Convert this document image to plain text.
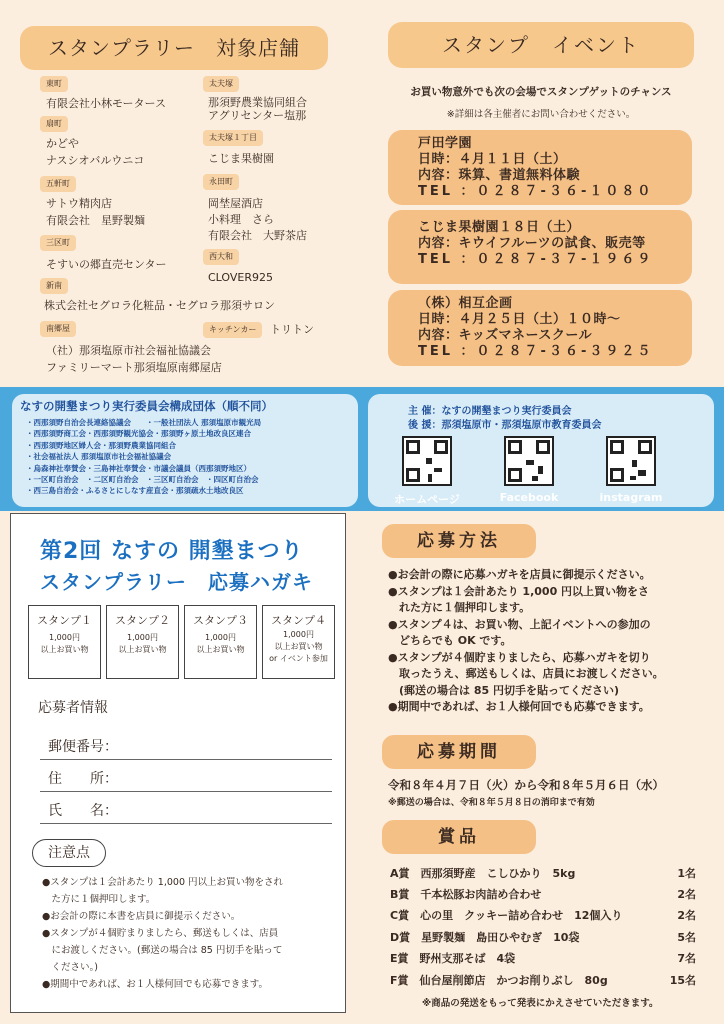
スタンプラリー　対象店舗
東町
有限会社小林モータース
扇町
かどや
ナスシオバルウニコ
五軒町
サトウ精肉店
有限会社　星野製麺
三区町
そすいの郷直売センター
新南
株式会社セグロラ化粧品・セグロラ那須サロン
南郷屋
（社）那須塩原市社会福祉協議会
ファミリーマート那須塩原南郷屋店
太夫塚
那須野農業協同組合
アグリセンター塩那
太夫塚１丁目
こじま果樹園
永田町
岡埜屋酒店
小料理　さら
有限会社　大野茶店
西大和
CLOVER925
キッチンカー	トリトン
スタンプ　イベント
お買い物意外でも次の会場でスタンプゲットのチャンス
※詳細は各主催者にお問い合わせください。
戸田学園
日時：４月１１日（土）
内容：珠算、書道無料体験
TEL ：０２８７-３６-１０８０
こじま果樹園１８日（土）
内容：キウイフルーツの試食、販売等
TEL ：０２８７-３７-１９６９
（株）相互企画
日時：４月２５日（土）１０時～
内容：キッズマネースクール
TEL ：０２８７-３６-３９２５
なすの開墾まつり実行委員会構成団体（順不同）
・西那須野自治会長連絡協議会　　・一般社団法人 那須塩原市観光局
・西那須野商工会・西那須野観光協会・那須野ヶ原土地改良区連合
・西那須野地区婦人会・那須野農業協同組合
・社会福祉法人 那須塩原市社会福祉協議会
・烏森神社奉賛会・三島神社奉賛会・市議会議員（西那須野地区）
・一区町自治会　・二区町自治会　・三区町自治会　・四区町自治会
・西三島自治会・ふるさとにしなす産直会・那須疏水土地改良区
主 催：なすの開墾まつり実行委員会
後 援：那須塩原市・那須塩原市教育委員会
ホームページ	Facebook	instagram
第2回 なすの 開墾まつり
スタンプラリー　応募ハガキ
スタンプ１
1,000円
以上お買い物
スタンプ２
1,000円
以上お買い物
スタンプ３
1,000円
以上お買い物
スタンプ４
1,000円
以上お買い物
or イベント参加
応募者情報
郵便番号：
住　　所：
氏　　名：
注意点
●スタンプは１会計あたり 1,000 円以上お買い物をされ
　た方に１個押印します。
●お会計の際に本書を店員に御提示ください。
●スタンプが４個貯まりましたら、郵送もしくは、店員
　にお渡しください。(郵送の場合は 85 円切手を貼って
　ください。)
●期間中であれば、お１人様何回でも応募できます。
応募方法
●お会計の際に応募ハガキを店員に御提示ください。
●スタンプは１会計あたり 1,000 円以上買い物をさ
　れた方に１個押印します。
●スタンプ４は、お買い物、上記イベントへの参加の
　どちらでも OK です。
●スタンプが４個貯まりましたら、応募ハガキを切り
　取ったうえ、郵送もしくは、店員にお渡しください。
　(郵送の場合は 85 円切手を貼ってください)
●期間中であれば、お１人様何回でも応募できます。
応募期間
令和８年４月７日（火）から令和８年５月６日（水）
※郵送の場合は、令和８年５月８日の消印まで有効
賞品
A賞　西那須野産　こしひかり　5kg	1名
B賞　千本松豚お肉詰め合わせ	2名
C賞　心の里　クッキー詰め合わせ　12個入り	2名
D賞　星野製麺　島田ひやむぎ　10袋	5名
E賞　野州支那そば　4袋	7名
F賞　仙台屋削節店　かつお削りぶし　80g	15名
※商品の発送をもって発表にかえさせていただきます。
